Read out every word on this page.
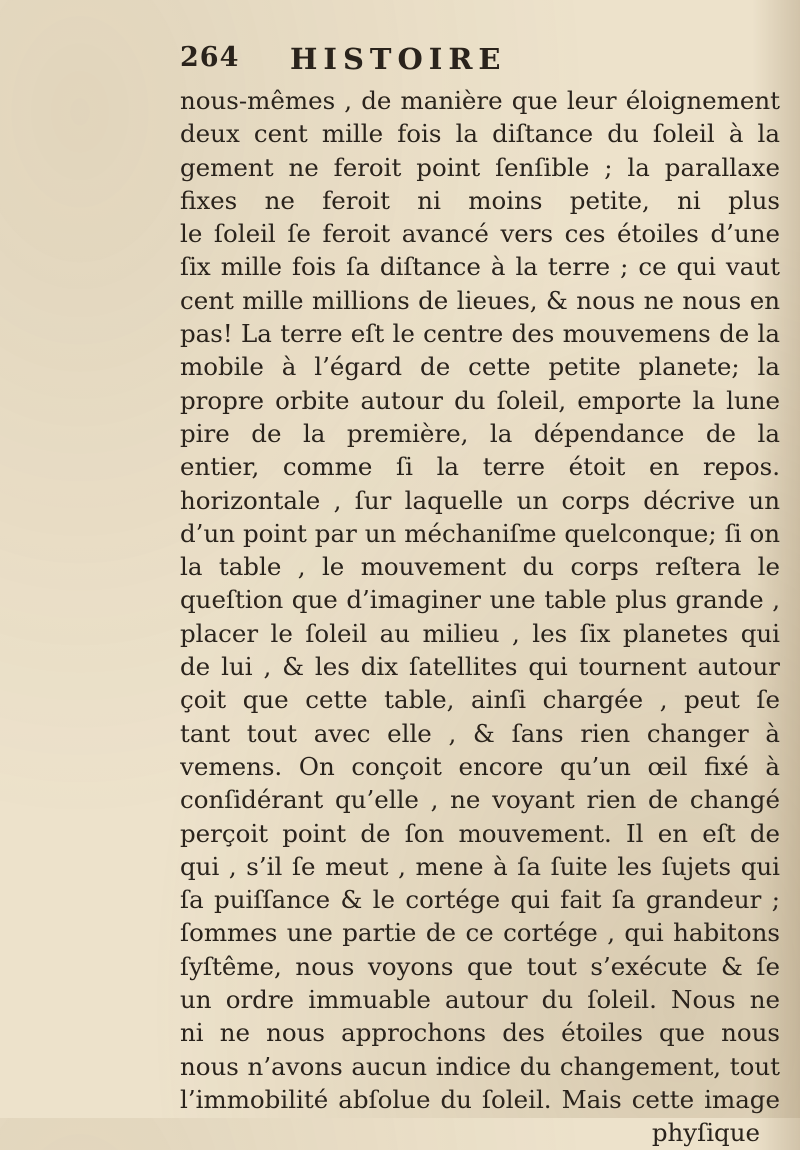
264 HISTOIRE
nous-mêmes , de manière que leur éloignement
deux cent mille fois la diſtance du ſoleil à la
gement ne feroit point ſenſible ; la parallaxe
fixes ne feroit ni moins petite, ni plus
le ſoleil ſe feroit avancé vers ces étoiles d’une
ſix mille fois ſa diſtance à la terre ; ce qui vaut
cent mille millions de lieues, & nous ne nous en
pas! La terre eſt le centre des mouvemens de la
mobile à l’égard de cette petite planete; la
propre orbite autour du ſoleil, emporte la lune
pire de la première, la dépendance de la
entier, comme ſi la terre étoit en repos.
horizontale , ſur laquelle un corps décrive un
d’un point par un méchaniſme quelconque; ſi on
la table , le mouvement du corps reſtera le
queſtion que d’imaginer une table plus grande ,
placer le ſoleil au milieu , les ſix planetes qui
de lui , & les dix ſatellites qui tournent autour
çoit que cette table, ainſi chargée , peut ſe
tant tout avec elle , & ſans rien changer à
vemens. On conçoit encore qu’un œil fixé à
conſidérant qu’elle , ne voyant rien de changé
perçoit point de ſon mouvement. Il en eſt de
qui , s’il ſe meut , mene à ſa ſuite les ſujets qui
ſa puiſſance & le cortége qui fait ſa grandeur ;
ſommes une partie de ce cortége , qui habitons
ſyſtême, nous voyons que tout s’exécute & ſe
un ordre immuable autour du ſoleil. Nous ne
ni ne nous approchons des étoiles que nous
nous n’avons aucun indice du changement, tout
l’immobilité abſolue du ſoleil. Mais cette image
phyſique
